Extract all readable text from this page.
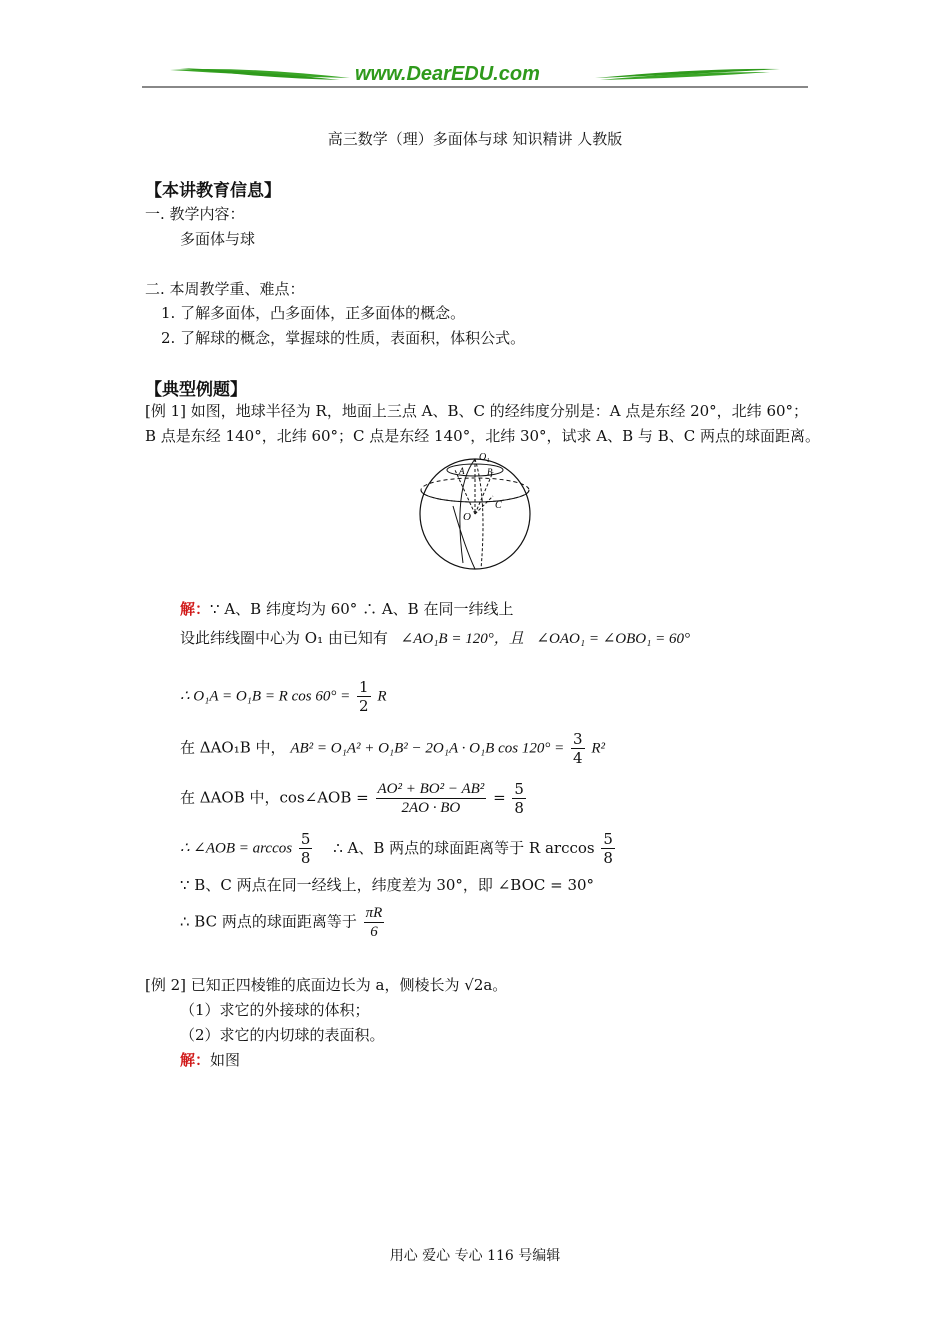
www.DearEDU.com
高三数学（理）多面体与球 知识精讲 人教版
【本讲教育信息】
一. 教学内容：
多面体与球
二. 本周教学重、难点：
1. 了解多面体，凸多面体，正多面体的概念。
2. 了解球的概念，掌握球的性质，表面积，体积公式。
【典型例题】
[例 1] 如图，地球半径为 R，地面上三点 A、B、C 的经纬度分别是：A 点是东经 20°，北纬 60°；
B 点是东经 140°，北纬 60°；C 点是东经 140°，北纬 30°，试求 A、B 与 B、C 两点的球面距离。
O₁
A	B
C
O
解：∵ A、B 纬度均为 60° ∴ A、B 在同一纬线上
设此纬线圈中心为 O₁ 由已知有 ∠AO₁B = 120°，且 ∠OAO₁ = ∠OBO₁ = 60°
∴ O₁A = O₁B = R $\cos 60^\circ = \frac{1}{2}$ R
在 ΔAO₁B 中， AB² = O₁A² + O₁B² − 2O₁A · O₁B $\cos 120^\circ = \frac{3}{4} R^2$
在 ΔAOB 中，cos∠AOB = $\frac{\text{AO² + BO² − AB²}}{2AO \cdot BO} = \frac{5}{8}$
∴ ∠AOB = $\arccos \frac{5}{8}$ ∴ A、B 两点的球面距离等于 R $\arccos \frac{5}{8}$
∵ B、C 两点在同一经线上，纬度差为 30°，即 ∠BOC = 30°
∴ BC 两点的球面距离等于 $\frac{\pi R}{6}$
[例 2] 已知正四棱锥的底面边长为 a，侧棱长为 √2a。
（1）求它的外接球的体积；
（2）求它的内切球的表面积。
解：如图
用心 爱心 专心 116 号编辑
